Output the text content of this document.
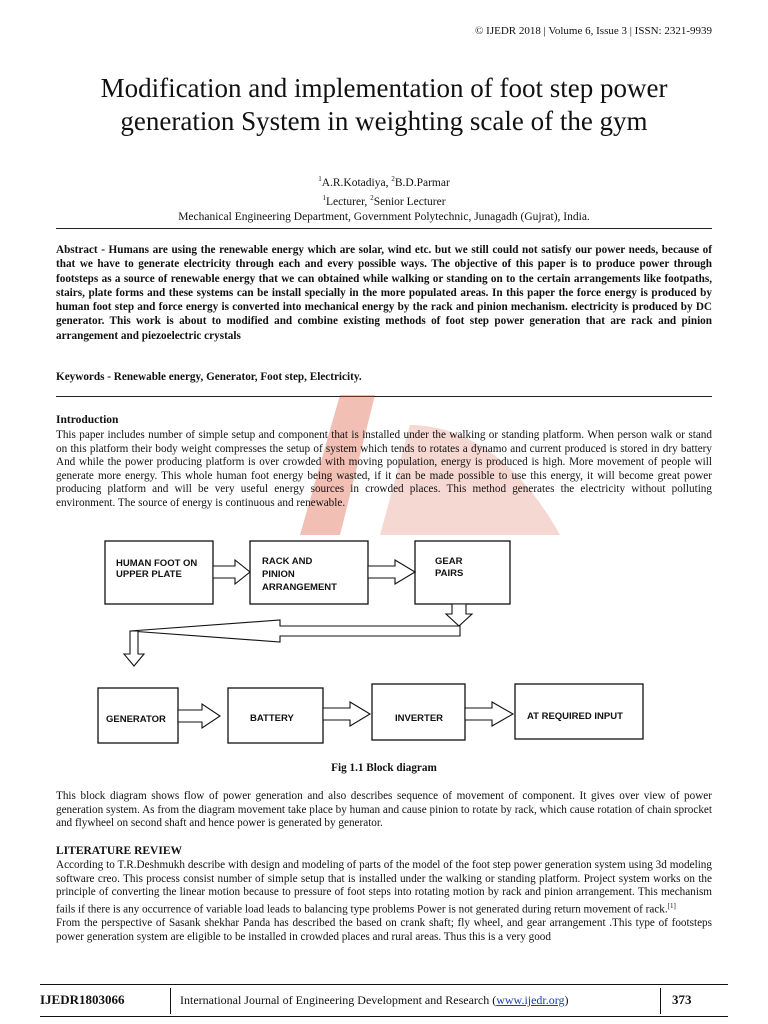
© IJEDR 2018 | Volume 6, Issue 3 | ISSN: 2321-9939
Modification and implementation of foot step power
generation System in weighting scale of the gym
$^1$A.R.Kotadiya, $^2$B.D.Parmar
$^1$Lecturer, $^2$Senior Lecturer
Mechanical Engineering Department, Government Polytechnic, Junagadh (Gujrat), India.
Abstract - Humans are using the renewable energy which are solar, wind etc. but we still could not satisfy our power needs, because of that we have to generate electricity through each and every possible ways. The objective of this paper is to produce power through footsteps as a source of renewable energy that we can obtained while walking or standing on to the certain arrangements like footpaths, stairs, plate forms and these systems can be install specially in the more populated areas. In this paper the force energy is produced by human foot step and force energy is converted into mechanical energy by the rack and pinion mechanism. electricity is produced by DC generator. This work is about to modified and combine existing methods of foot step power generation that are rack and pinion arrangement and piezoelectric crystals
Keywords - Renewable energy, Generator, Foot step, Electricity.
Introduction
This paper includes number of simple setup and component that is installed under the walking or standing platform. When person walk or stand on this platform their body weight compresses the setup of system which tends to rotates a dynamo and current produced is stored in dry battery And while the power producing platform is over crowded with moving population, energy is produced is high. More movement of people will generate more energy. This whole human foot energy being wasted, if it can be made possible to use this energy, it will become great power producing platform and will be very useful energy sources in crowded places. This method generates the electricity without polluting environment. The source of energy is continuous and renewable.
HUMAN FOOT ON
UPPER PLATE
RACK AND
PINION
ARRANGEMENT
GEAR
PAIRS
GENERATOR	BATTERY	INVERTER	AT REQUIRED INPUT
Fig 1.1 Block diagram
This block diagram shows flow of power generation and also describes sequence of movement of component. It gives over view of power generation system. As from the diagram movement take place by human and cause pinion to rotate by rack, which cause rotation of chain sprocket and flywheel on second shaft and hence power is generated by generator.
LITERATURE REVIEW
According to T.R.Deshmukh describe with design and modeling of parts of the model of the foot step power generation system using 3d modeling software creo. This process consist number of simple setup that is installed under the walking or standing platform. Project system works on the principle of converting the linear motion because to pressure of foot steps into rotating motion by rack and pinion arrangement. This mechanism fails if there is any occurrence of variable load leads to balancing type problems Power is not generated during return movement of rack.[1]
From the perspective of Sasank shekhar Panda has described the based on crank shaft; fly wheel, and gear arrangement .This type of footsteps power generation system are eligible to be installed in crowded places and rural areas. Thus this is a very good
IJEDR1803066	International Journal of Engineering Development and Research (www.ijedr.org)	373
